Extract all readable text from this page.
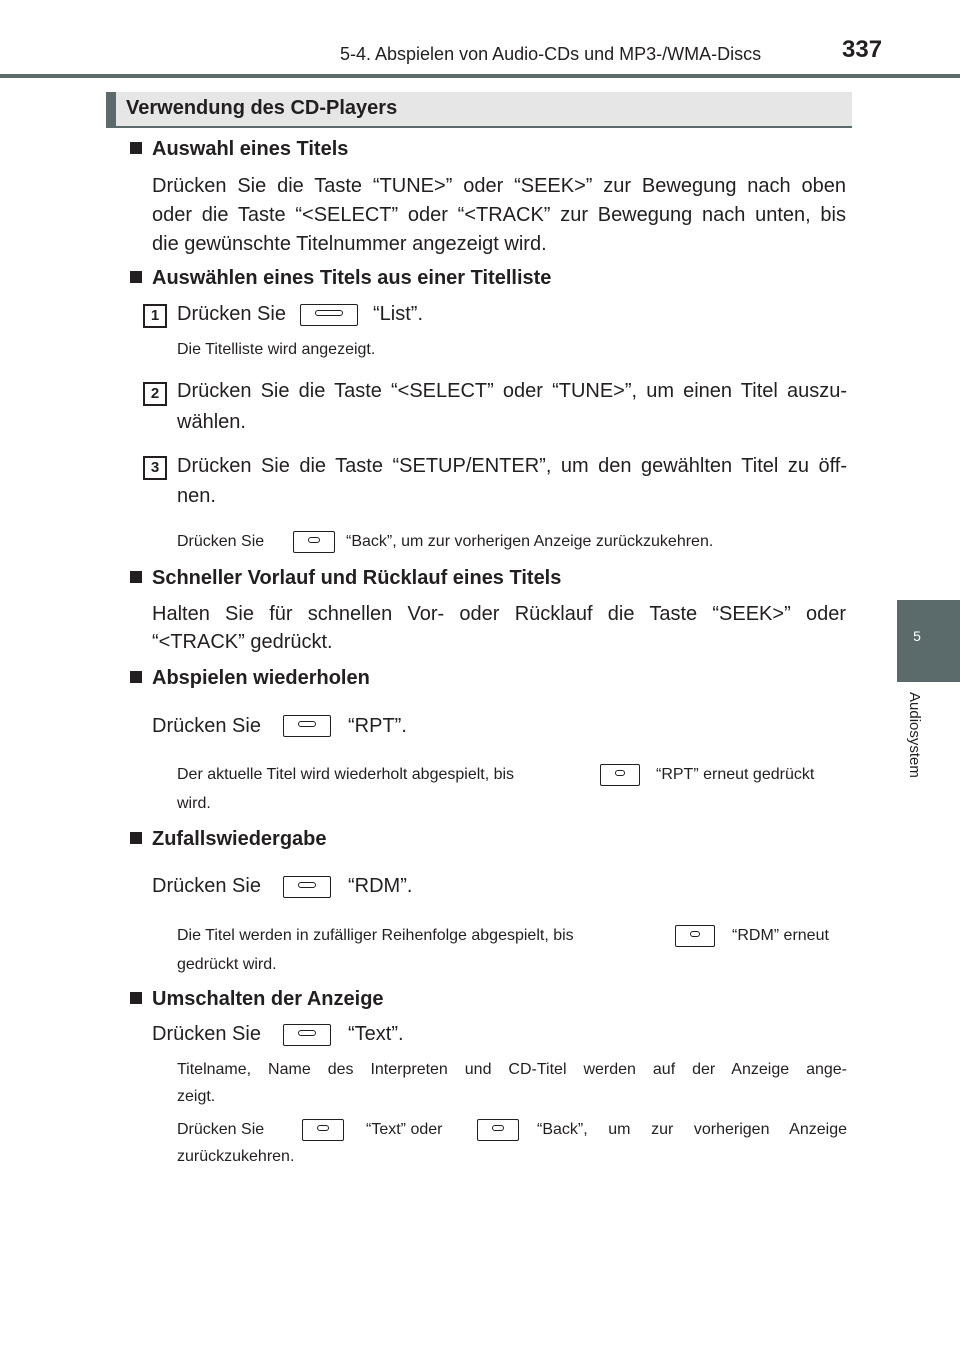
5-4. Abspielen von Audio-CDs und MP3-/WMA-Discs	337
5
Audiosystem
Verwendung des CD-Players
Auswahl eines Titels
Drücken Sie die Taste “TUNE>” oder “SEEK>” zur Bewegung nach oben
oder die Taste “<SELECT” oder “<TRACK” zur Bewegung nach unten, bis
die gewünschte Titelnummer angezeigt wird.
Auswählen eines Titels aus einer Titelliste
1 Drücken Sie	“List”.
Die Titelliste wird angezeigt.
2 Drücken Sie die Taste “<SELECT” oder “TUNE>”, um einen Titel auszu-
wählen.
3 Drücken Sie die Taste “SETUP/ENTER”, um den gewählten Titel zu öff-
nen.
Drücken Sie	“Back”, um zur vorherigen Anzeige zurückzukehren.
Schneller Vorlauf und Rücklauf eines Titels
Halten Sie für schnellen Vor- oder Rücklauf die Taste “SEEK>” oder
“<TRACK” gedrückt.
Abspielen wiederholen
Drücken Sie	“RPT”.
Der aktuelle Titel wird wiederholt abgespielt, bis	“RPT” erneut gedrückt
wird.
Zufallswiedergabe
Drücken Sie	“RDM”.
Die Titel werden in zufälliger Reihenfolge abgespielt, bis	“RDM” erneut
gedrückt wird.
Umschalten der Anzeige
Drücken Sie	“Text”.
Titelname, Name des Interpreten und CD-Titel werden auf der Anzeige ange-
zeigt.
Drücken Sie	“Text” oder	“Back”, um zur vorherigen Anzeige
zurückzukehren.
